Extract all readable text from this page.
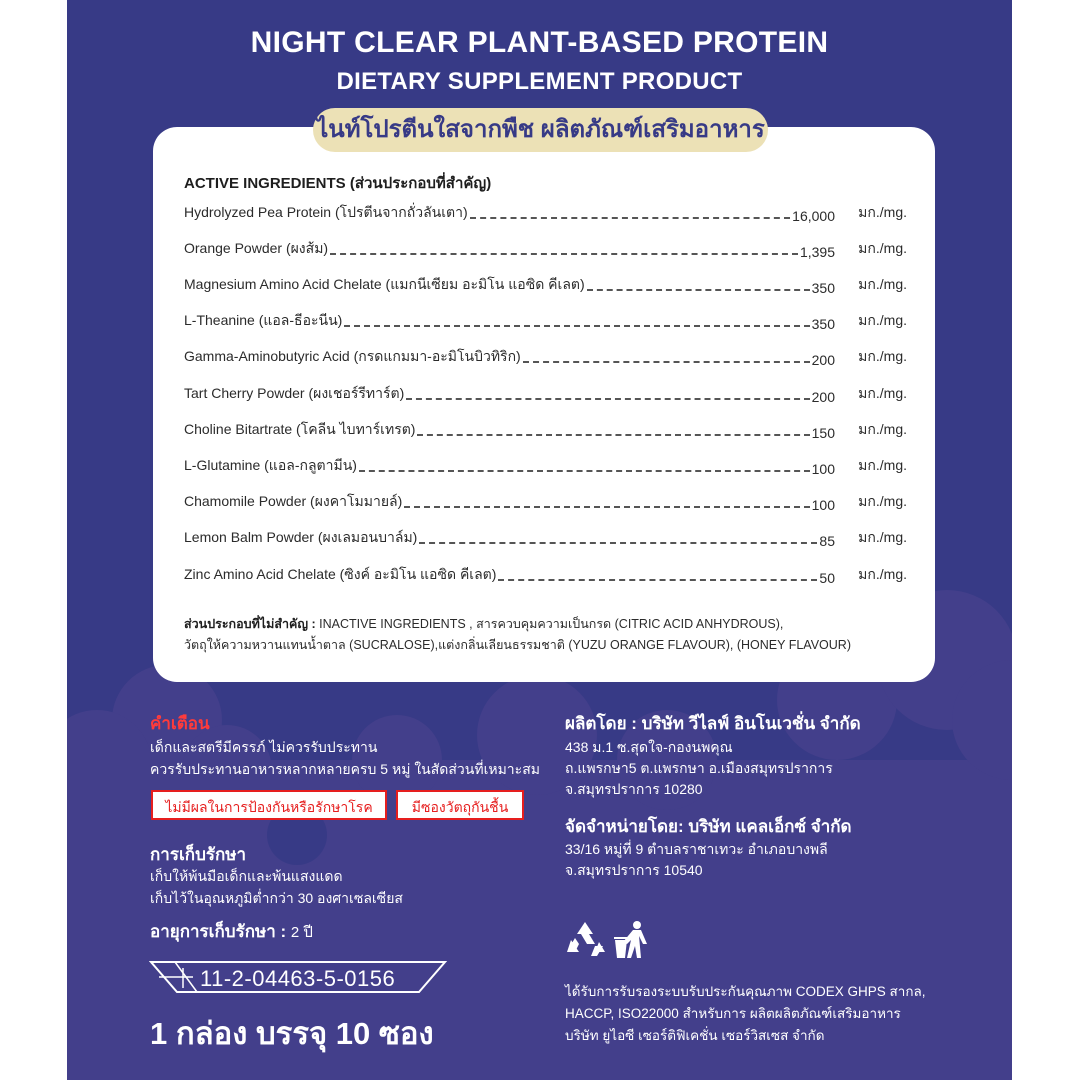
NIGHT CLEAR PLANT-BASED PROTEIN
DIETARY SUPPLEMENT PRODUCT
ไนท์โปรตีนใสจากพืช ผลิตภัณฑ์เสริมอาหาร
ACTIVE INGREDIENTS (ส่วนประกอบที่สำคัญ)
Hydrolyzed Pea Protein (โปรตีนจากถั่วลันเตา)	16,000	มก./mg.
Orange Powder (ผงส้ม)	1,395	มก./mg.
Magnesium Amino Acid Chelate (แมกนีเซียม อะมิโน แอซิด คีเลต)	350	มก./mg.
L-Theanine (แอล-ธีอะนีน)	350	มก./mg.
Gamma-Aminobutyric Acid (กรดแกมมา-อะมิโนบิวทิริก)	200	มก./mg.
Tart Cherry Powder (ผงเชอร์รีทาร์ต)	200	มก./mg.
Choline Bitartrate (โคลีน ไบทาร์เทรต)	150	มก./mg.
L-Glutamine (แอล-กลูตามีน)	100	มก./mg.
Chamomile Powder (ผงคาโมมายล์)	100	มก./mg.
Lemon Balm Powder (ผงเลมอนบาล์ม)	85	มก./mg.
Zinc Amino Acid Chelate (ซิงค์ อะมิโน แอซิด คีเลต)	50	มก./mg.
ส่วนประกอบที่ไม่สำคัญ : INACTIVE INGREDIENTS , สารควบคุมความเป็นกรด (CITRIC ACID ANHYDROUS),
วัตถุให้ความหวานแทนน้ำตาล (SUCRALOSE),แต่งกลิ่นเลียนธรรมชาติ (YUZU ORANGE FLAVOUR), (HONEY FLAVOUR)
คำเตือน
เด็กและสตรีมีครรภ์ ไม่ควรรับประทาน
ควรรับประทานอาหารหลากหลายครบ 5 หมู่ ในสัดส่วนที่เหมาะสม
ไม่มีผลในการป้องกันหรือรักษาโรค	มีซองวัตถุกันชื้น
การเก็บรักษา
เก็บให้พ้นมือเด็กและพ้นแสงแดด
เก็บไว้ในอุณหภูมิต่ำกว่า 30 องศาเซลเซียส
อายุการเก็บรักษา : 2 ปี
11-2-04463-5-0156
1 กล่อง บรรจุ 10 ซอง
ผลิตโดย : บริษัท วีไลฟ์ อินโนเวชั่น จำกัด
438 ม.1 ซ.สุดใจ-กองนพคุณ
ถ.แพรกษา5 ต.แพรกษา อ.เมืองสมุทรปราการ
จ.สมุทรปราการ 10280
จัดจำหน่ายโดย: บริษัท แคลเอ็กซ์ จำกัด
33/16 หมู่ที่ 9 ตำบลราชาเทวะ อำเภอบางพลี
จ.สมุทรปราการ 10540
ได้รับการรับรองระบบรับประกันคุณภาพ CODEX GHPS สากล,
HACCP, ISO22000 สำหรับการ ผลิตผลิตภัณฑ์เสริมอาหาร
บริษัท ยูไอซี เซอร์ติฟิเคชั่น เซอร์วิสเซส จำกัด
